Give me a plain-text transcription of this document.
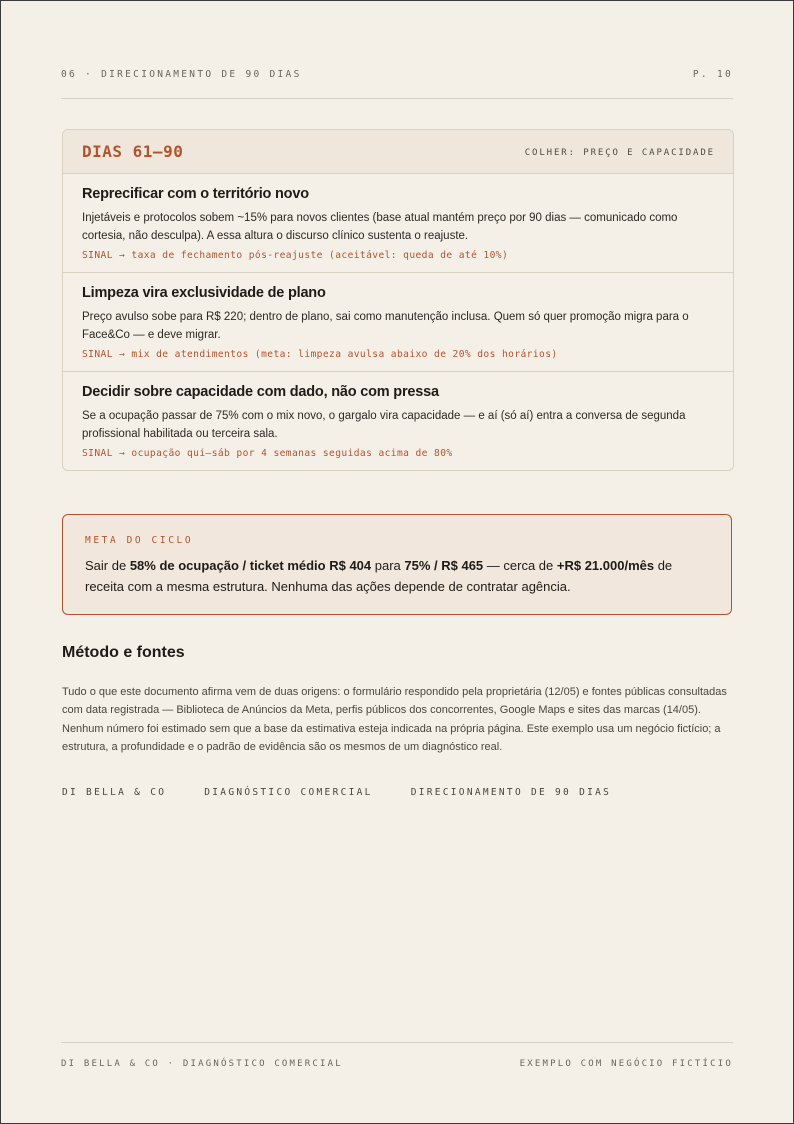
06 · DIRECIONAMENTO DE 90 DIAS	P. 10
DIAS 61–90	COLHER: PREÇO E CAPACIDADE

Reprecificar com o território novo

Injetáveis e protocolos sobem ~15% para novos clientes (base atual mantém preço por 90 dias — comunicado como cortesia, não desculpa). A essa altura o discurso clínico sustenta o reajuste.

SINAL → taxa de fechamento pós-reajuste (aceitável: queda de até 10%)

Limpeza vira exclusividade de plano

Preço avulso sobe para R$ 220; dentro de plano, sai como manutenção inclusa. Quem só quer promoção migra para o Face&Co — e deve migrar.

SINAL → mix de atendimentos (meta: limpeza avulsa abaixo de 20% dos horários)

Decidir sobre capacidade com dado, não com pressa

Se a ocupação passar de 75% com o mix novo, o gargalo vira capacidade — e aí (só aí) entra a conversa de segunda profissional habilitada ou terceira sala.

SINAL → ocupação qui–sáb por 4 semanas seguidas acima de 80%

META DO CICLO

Sair de 58% de ocupação / ticket médio R$ 404 para 75% / R$ 465 — cerca de +R$ 21.000/mês de receita com a mesma estrutura. Nenhuma das ações depende de contratar agência.

Método e fontes

Tudo o que este documento afirma vem de duas origens: o formulário respondido pela proprietária (12/05) e fontes públicas consultadas com data registrada — Biblioteca de Anúncios da Meta, perfis públicos dos concorrentes, Google Maps e sites das marcas (14/05). Nenhum número foi estimado sem que a base da estimativa esteja indicada na própria página. Este exemplo usa um negócio fictício; a estrutura, a profundidade e o padrão de evidência são os mesmos de um diagnóstico real.

DI BELLA & CO	DIAGNÓSTICO COMERCIAL	DIRECIONAMENTO DE 90 DIAS
DI BELLA & CO · DIAGNÓSTICO COMERCIAL	EXEMPLO COM NEGÓCIO FICTÍCIO
